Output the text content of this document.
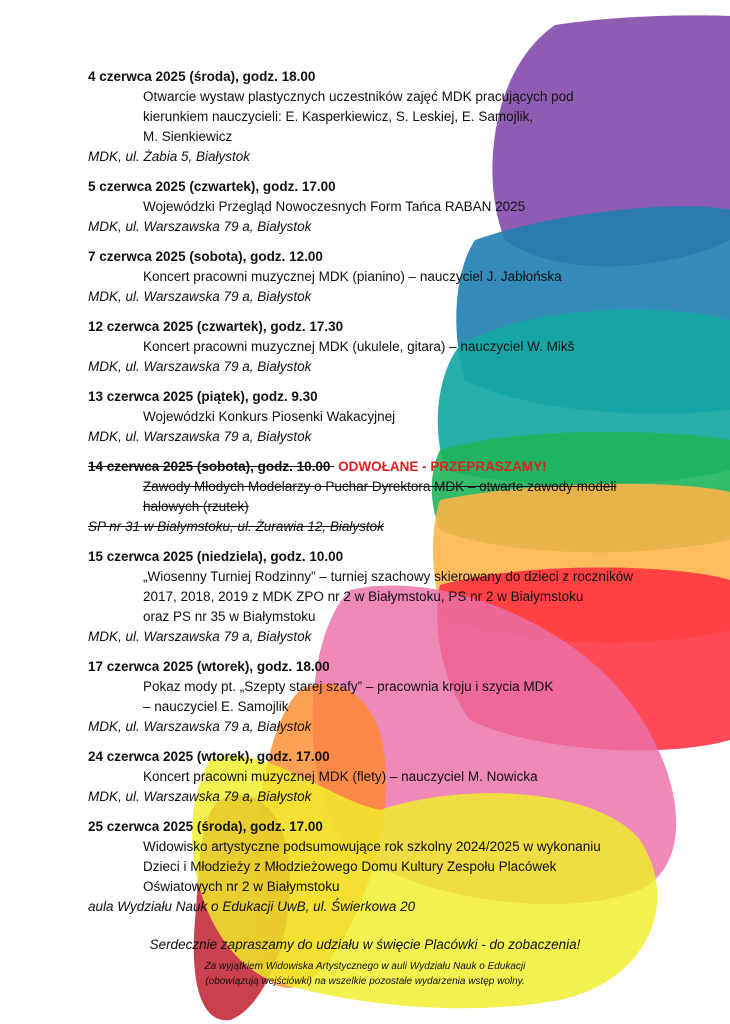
4 czerwca 2025 (środa), godz. 18.00
Otwarcie wystaw plastycznych uczestników zajęć MDK pracujących pod
kierunkiem nauczycieli: E. Kasperkiewicz, S. Leskiej, E. Samojlik,
M. Sienkiewicz
MDK, ul. Żabia 5, Białystok
5 czerwca 2025 (czwartek), godz. 17.00
Wojewódzki Przegląd Nowoczesnych Form Tańca RABAN 2025
MDK, ul. Warszawska 79 a, Białystok
7 czerwca 2025 (sobota), godz. 12.00
Koncert pracowni muzycznej MDK (pianino) – nauczyciel J. Jabłońska
MDK, ul. Warszawska 79 a, Białystok
12 czerwca 2025 (czwartek), godz. 17.30
Koncert pracowni muzycznej MDK (ukulele, gitara) – nauczyciel W. Mikš
MDK, ul. Warszawska 79 a, Białystok
13 czerwca 2025 (piątek), godz. 9.30
Wojewódzki Konkurs Piosenki Wakacyjnej
MDK, ul. Warszawska 79 a, Białystok
14 czerwca 2025 (sobota), godz. 10.00 ODWOŁANE - PRZEPRASZAMY!
Zawody Młodych Modelarzy o Puchar Dyrektora MDK – otwarte zawody modeli
halowych (rzutek)
SP nr 31 w Białymstoku, ul. Żurawia 12, Białystok
15 czerwca 2025 (niedziela), godz. 10.00
„Wiosenny Turniej Rodzinny” – turniej szachowy skierowany do dzieci z roczników
2017, 2018, 2019 z MDK ZPO nr 2 w Białymstoku, PS nr 2 w Białymstoku
oraz PS nr 35 w Białymstoku
MDK, ul. Warszawska 79 a, Białystok
17 czerwca 2025 (wtorek), godz. 18.00
Pokaz mody pt. „Szepty starej szafy” – pracownia kroju i szycia MDK
– nauczyciel E. Samojlik
MDK, ul. Warszawska 79 a, Białystok
24 czerwca 2025 (wtorek), godz. 17.00
Koncert pracowni muzycznej MDK (flety) – nauczyciel M. Nowicka
MDK, ul. Warszawska 79 a, Białystok
25 czerwca 2025 (środa), godz. 17.00
Widowisko artystyczne podsumowujące rok szkolny 2024/2025 w wykonaniu
Dzieci i Młodzieży z Młodzieżowego Domu Kultury Zespołu Placówek
Oświatowych nr 2 w Białymstoku
aula Wydziału Nauk o Edukacji UwB, ul. Świerkowa 20
Serdecznie zapraszamy do udziału w święcie Placówki - do zobaczenia!
Za wyjątkiem Widowiska Artystycznego w auli Wydziału Nauk o Edukacji
(obowiązują wejściówki) na wszelkie pozostałe wydarzenia wstęp wolny.
